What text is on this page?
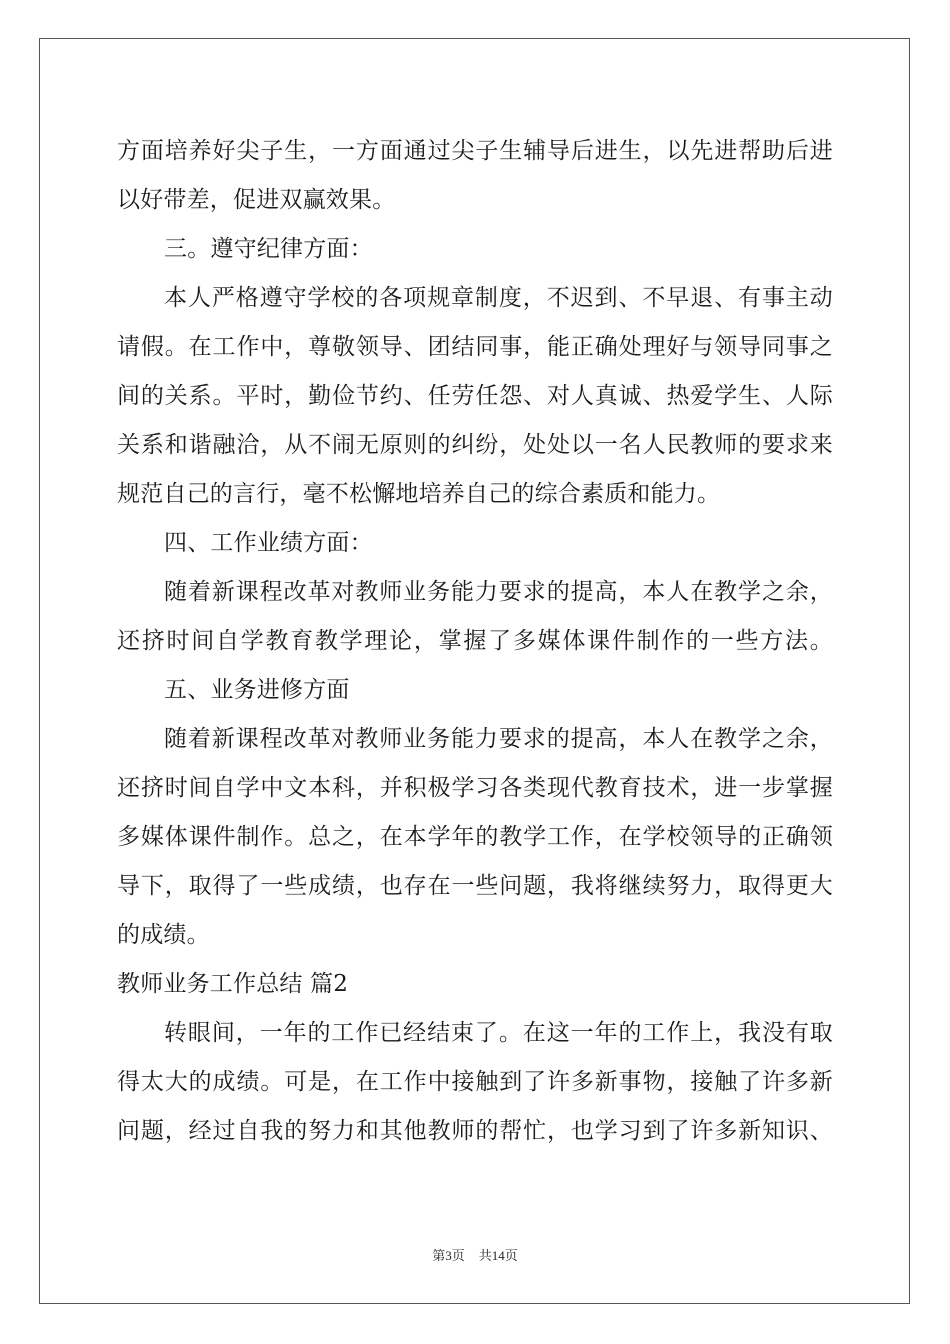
方面培养好尖子生，一方面通过尖子生辅导后进生，以先进帮助后进
以好带差，促进双赢效果。
三。遵守纪律方面：
本人严格遵守学校的各项规章制度，不迟到、不早退、有事主动
请假。在工作中，尊敬领导、团结同事，能正确处理好与领导同事之
间的关系。平时，勤俭节约、任劳任怨、对人真诚、热爱学生、人际
关系和谐融洽，从不闹无原则的纠纷，处处以一名人民教师的要求来
规范自己的言行，毫不松懈地培养自己的综合素质和能力。
四、工作业绩方面：
随着新课程改革对教师业务能力要求的提高，本人在教学之余，
还挤时间自学教育教学理论，掌握了多媒体课件制作的一些方法。
五、业务进修方面
随着新课程改革对教师业务能力要求的提高，本人在教学之余，
还挤时间自学中文本科，并积极学习各类现代教育技术，进一步掌握
多媒体课件制作。总之，在本学年的教学工作，在学校领导的正确领
导下，取得了一些成绩，也存在一些问题，我将继续努力，取得更大
的成绩。
教师业务工作总结 篇2
转眼间，一年的工作已经结束了。在这一年的工作上，我没有取
得太大的成绩。可是，在工作中接触到了许多新事物，接触了许多新
问题，经过自我的努力和其他教师的帮忙，也学习到了许多新知识、
第3页 共14页
